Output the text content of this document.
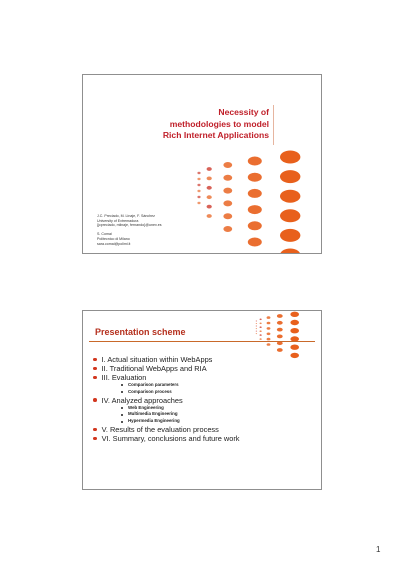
Necessity of
methodologies to model
Rich Internet Applications
J.C. Preciado, M. Linaje, F. Sánchez
University of Extremadura
{jcpreciado, mlinaje, fernando}@unex.es

S. Comai
Politecnico di Milano
sara.comai@polimi.it
Presentation scheme
I. Actual situation within WebApps
II. Traditional WebApps and RIA
III. Evaluation
Comparison parameters
Comparison process
IV. Analyzed approaches
Web Engineering
Multimedia Engineering
Hypermedia Engineering
V. Results of the evaluation process
VI. Summary, conclusions and future work
1
